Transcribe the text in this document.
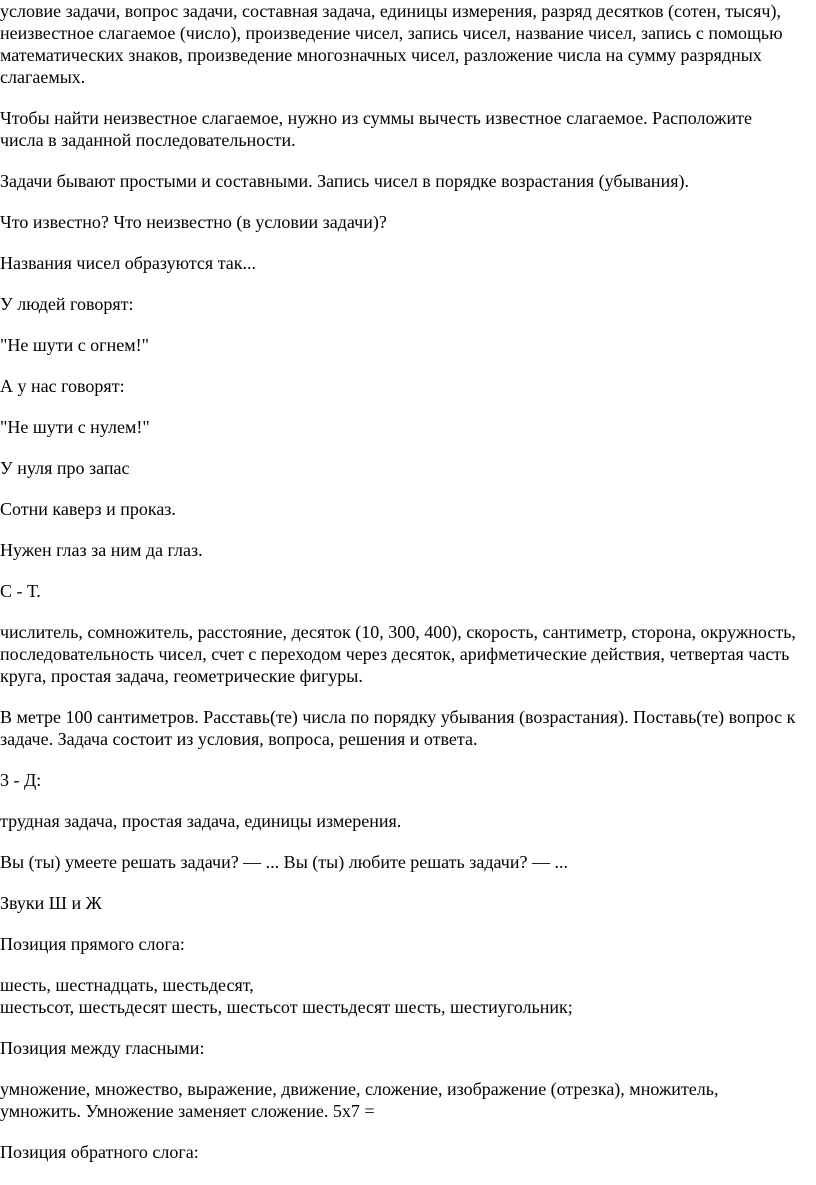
условие задачи, вопрос задачи, составная задача, единицы измерения, разряд десятков (сотен, тысяч), неизвестное слагаемое (число), произведение чисел, запись чисел, название чисел, запись с помощью математических знаков, произведение многозначных чисел, разложение числа на сумму разрядных слагаемых.

Чтобы найти неизвестное слагаемое, нужно из суммы вычесть известное слагаемое. Расположите числа в заданной последовательности.

Задачи бывают простыми и составными. Запись чисел в порядке возрастания (убывания).

Что известно? Что неизвестно (в условии задачи)?

Названия чисел образуются так...

У людей говорят:

"Не шути с огнем!"

А у нас говорят:

"Не шути с нулем!"

У нуля про запас

Сотни каверз и проказ.

Нужен глаз за ним да глаз.

С - Т.

числитель, сомножитель, расстояние, десяток (10, 300, 400), скорость, сантиметр, сторона, окружность, последовательность чисел, счет с переходом через десяток, арифметические действия, четвертая часть круга, простая задача, геометрические фигуры.

В метре 100 сантиметров. Расставь(те) числа по порядку убывания (возрастания). Поставь(те) вопрос к задаче. Задача состоит из условия, вопроса, решения и ответа.

3 - Д:

трудная задача, простая задача, единицы измерения.

Вы (ты) умеете решать задачи? — ... Вы (ты) любите решать задачи? — ...

Звуки Ш и Ж

Позиция прямого слога:

шесть, шестнадцать, шестьдесят,
шестьсот, шестьдесят шесть, шестьсот шестьдесят шесть, шестиугольник;

Позиция между гласными:

умножение, множество, выражение, движение, сложение, изображение (отрезка), множитель, умножить. Умножение заменяет сложение. 5х7 =

Позиция обратного слога:
